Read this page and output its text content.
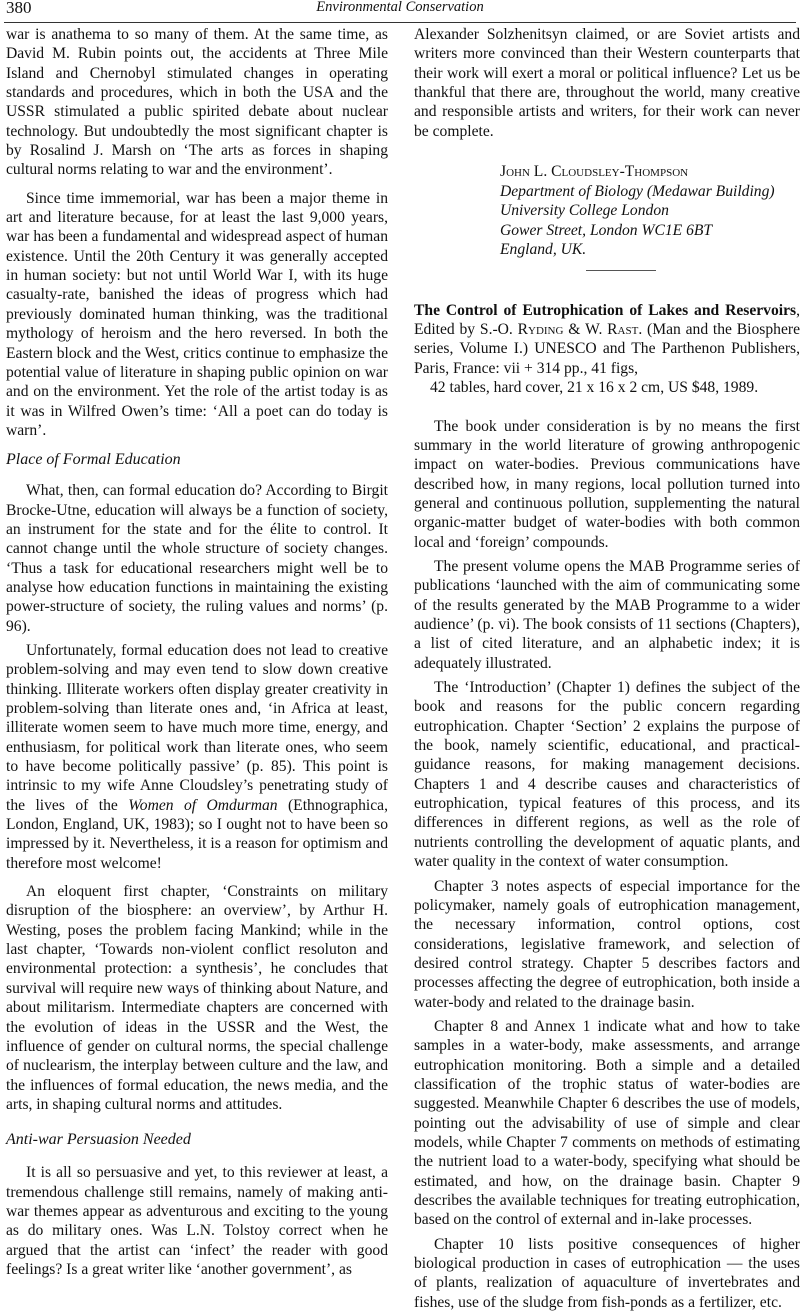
380	Environmental Conservation

war is anathema to so many of them. At the same time, as David M. Rubin points out, the accidents at Three Mile Island and Chernobyl stimulated changes in operating standards and procedures, which in both the USA and the USSR stimulated a public spirited debate about nuclear technology. But undoubtedly the most significant chapter is by Rosalind J. Marsh on ‘The arts as forces in shaping cultural norms relating to war and the environment’.

Since time immemorial, war has been a major theme in art and literature because, for at least the last 9,000 years, war has been a fundamental and widespread aspect of human existence. Until the 20th Century it was generally accepted in human society: but not until World War I, with its huge casualty-rate, banished the ideas of progress which had previously dominated human thinking, was the traditional mythology of heroism and the hero reversed. In both the Eastern block and the West, critics continue to emphasize the potential value of literature in shaping public opinion on war and on the environment. Yet the role of the artist today is as it was in Wilfred Owen’s time: ‘All a poet can do today is warn’.

Place of Formal Education

What, then, can formal education do? According to Birgit Brocke-Utne, education will always be a function of society, an instrument for the state and for the élite to control. It cannot change until the whole structure of society changes. ‘Thus a task for educational researchers might well be to analyse how education functions in maintaining the existing power-structure of society, the ruling values and norms’ (p. 96).

Unfortunately, formal education does not lead to creative problem-solving and may even tend to slow down creative thinking. Illiterate workers often display greater creativity in problem-solving than literate ones and, ‘in Africa at least, illiterate women seem to have much more time, energy, and enthusiasm, for political work than literate ones, who seem to have become politically passive’ (p. 85). This point is intrinsic to my wife Anne Cloudsley’s penetrating study of the lives of the Women of Omdurman (Ethnographica, London, England, UK, 1983); so I ought not to have been so impressed by it. Nevertheless, it is a reason for optimism and therefore most welcome!

An eloquent first chapter, ‘Constraints on military disruption of the biosphere: an overview’, by Arthur H. Westing, poses the problem facing Mankind; while in the last chapter, ‘Towards non-violent conflict resoluton and environmental protection: a synthesis’, he concludes that survival will require new ways of thinking about Nature, and about militarism. Intermediate chapters are concerned with the evolution of ideas in the USSR and the West, the influence of gender on cultural norms, the special challenge of nuclearism, the interplay between culture and the law, and the influences of formal education, the news media, and the arts, in shaping cultural norms and attitudes.

Anti-war Persuasion Needed

It is all so persuasive and yet, to this reviewer at least, a tremendous challenge still remains, namely of making anti-war themes appear as adventurous and exciting to the young as do military ones. Was L.N. Tolstoy correct when he argued that the artist can ‘infect’ the reader with good feelings? Is a great writer like ‘another government’, as

Alexander Solzhenitsyn claimed, or are Soviet artists and writers more convinced than their Western counterparts that their work will exert a moral or political influence? Let us be thankful that there are, throughout the world, many creative and responsible artists and writers, for their work can never be complete.

John L. Cloudsley-Thompson
Department of Biology (Medawar Building)
University College London
Gower Street, London WC1E 6BT
England, UK.
The Control of Eutrophication of Lakes and Reservoirs, Edited by S.-O. Ryding & W. Rast. (Man and the Biosphere series, Volume I.) UNESCO and The Parthenon Publishers, Paris, France: vii + 314 pp., 41 figs,
42 tables, hard cover, 21 x 16 x 2 cm, US $48, 1989.

The book under consideration is by no means the first summary in the world literature of growing anthropogenic impact on water-bodies. Previous communications have described how, in many regions, local pollution turned into general and continuous pollution, supplementing the natural organic-matter budget of water-bodies with both common local and ‘foreign’ compounds.

The present volume opens the MAB Programme series of publications ‘launched with the aim of communicating some of the results generated by the MAB Programme to a wider audience’ (p. vi). The book consists of 11 sections (Chapters), a list of cited literature, and an alphabetic index; it is adequately illustrated.

The ‘Introduction’ (Chapter 1) defines the subject of the book and reasons for the public concern regarding eutrophication. Chapter ‘Section’ 2 explains the purpose of the book, namely scientific, educational, and practical-guidance reasons, for making management decisions. Chapters 1 and 4 describe causes and characteristics of eutrophication, typical features of this process, and its differences in different regions, as well as the role of nutrients controlling the development of aquatic plants, and water quality in the context of water consumption.

Chapter 3 notes aspects of especial importance for the policymaker, namely goals of eutrophication management, the necessary information, control options, cost considerations, legislative framework, and selection of desired control strategy. Chapter 5 describes factors and processes affecting the degree of eutrophication, both inside a water-body and related to the drainage basin.

Chapter 8 and Annex 1 indicate what and how to take samples in a water-body, make assessments, and arrange eutrophication monitoring. Both a simple and a detailed classification of the trophic status of water-bodies are suggested. Meanwhile Chapter 6 describes the use of models, pointing out the advisability of use of simple and clear models, while Chapter 7 comments on methods of estimating the nutrient load to a water-body, specifying what should be estimated, and how, on the drainage basin. Chapter 9 describes the available techniques for treating eutrophication, based on the control of external and in-lake processes.

Chapter 10 lists positive consequences of higher biological production in cases of eutrophication — the uses of plants, realization of aquaculture of invertebrates and fishes, use of the sludge from fish-ponds as a fertilizer, etc.
